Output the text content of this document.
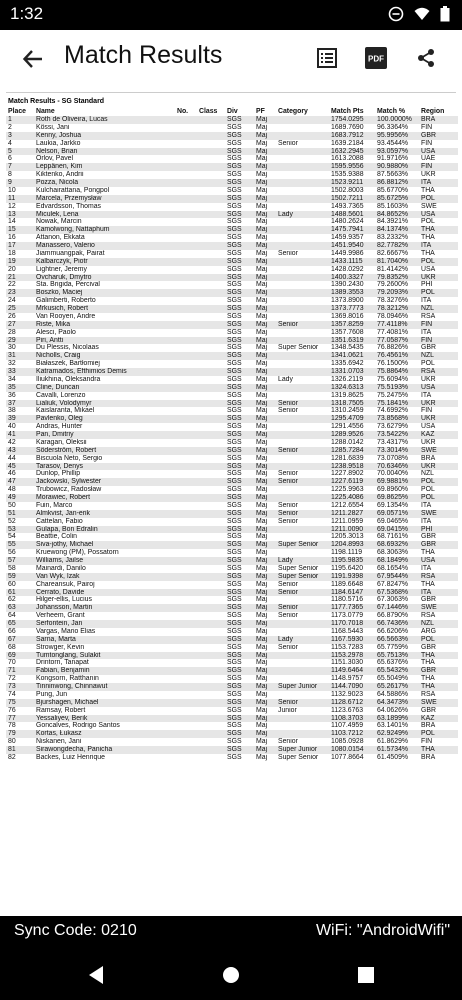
1:32
Match Results	PDF
Match Results - SG Standard
Place	Name	No.	Class	Div	PF	Category	Match Pts	Match %	Region
1	Roth de Oliveira, Lucas			SGS	Maj		1754.0295	100.0000%	BRA
2	Kössi, Jani			SGS	Maj		1689.7690	96.3364%	FIN
3	Kenny, Joshua			SGS	Maj		1683.7912	95.9956%	GBR
4	Laukia, Jarkko			SGS	Maj	Senior	1639.2184	93.4544%	FIN
5	Nelson, Brian			SGS	Maj		1632.2945	93.0597%	USA
6	Orlov, Pavel			SGS	Maj		1613.2088	91.9716%	UAE
7	Leppänen, Kim			SGS	Maj		1595.9556	90.9880%	FIN
8	Kiktenko, Andrii			SGS	Maj		1535.9388	87.5663%	UKR
9	Pozza, Nicola			SGS	Maj		1523.9211	86.8812%	ITA
10	Kulchairattana, Pongpol			SGS	Maj		1502.8003	85.6770%	THA
11	Marcela, Przemysław			SGS	Maj		1502.7211	85.6725%	POL
12	Edvardsson, Thomas			SGS	Maj		1493.7365	85.1603%	SWE
13	Miculek, Lena			SGS	Maj	Lady	1488.5601	84.8652%	USA
14	Nowak, Marcin			SGS	Maj		1480.2624	84.3921%	POL
15	Kamolwong, Nattaphum			SGS	Maj		1475.7941	84.1374%	THA
16	Attanon, Ekkata			SGS	Maj		1459.9357	83.2332%	THA
17	Manassero, Valerio			SGS	Maj		1451.9540	82.7782%	ITA
18	Jiammuangpak, Pairat			SGS	Maj	Senior	1449.9986	82.6667%	THA
19	Kalbarczyk, Piotr			SGS	Maj		1433.1115	81.7040%	POL
20	Lightner, Jeremy			SGS	Maj		1428.0292	81.4142%	USA
21	Ovcharuk, Dmytro			SGS	Maj		1400.3327	79.8352%	UKR
22	Sta. Brigida, Percival			SGS	Maj		1390.2430	79.2600%	PHI
23	Boszko, Maciej			SGS	Maj		1389.3553	79.2093%	POL
24	Galimberti, Roberto			SGS	Maj		1373.8900	78.3276%	ITA
25	Mrkusich, Robert			SGS	Maj		1373.7773	78.3212%	NZL
26	Van Rooyen, Andre			SGS	Maj		1369.8016	78.0946%	RSA
27	Riste, Mika			SGS	Maj	Senior	1357.8259	77.4118%	FIN
28	Alesci, Paolo			SGS	Maj		1357.7608	77.4081%	ITA
29	Piri, Antti			SGS	Maj		1351.6319	77.0587%	FIN
30	Du Plessis, Nicolaas			SGS	Maj	Super Senior	1348.5435	76.8826%	GBR
31	Nicholls, Craig			SGS	Maj		1341.0621	76.4561%	NZL
32	Białaszek, Bartłomiej			SGS	Maj		1335.6942	76.1500%	POL
33	Katramados, Efthimios Demis			SGS	Maj		1331.0703	75.8864%	RSA
34	Iliukhina, Oleksandra			SGS	Maj	Lady	1326.2119	75.6094%	UKR
35	Cline, Duncan			SGS	Maj		1324.6313	75.5193%	USA
36	Cavalli, Lorenzo			SGS	Maj		1319.8625	75.2475%	ITA
37	Lialiuk, Volodymyr			SGS	Maj	Senior	1318.7505	75.1841%	UKR
38	Kaislaranta, Mikael			SGS	Maj	Senior	1310.2459	74.6992%	FIN
39	Pavlenko, Oleg			SGS	Maj		1295.4709	73.8568%	UKR
40	Andras, Hunter			SGS	Maj		1291.4556	73.6279%	USA
41	Pan, Dmitriy			SGS	Maj		1289.9526	73.5422%	KAZ
42	Karagan, Oleksii			SGS	Maj		1288.0142	73.4317%	UKR
43	Söderström, Robert			SGS	Maj	Senior	1285.7284	73.3014%	SWE
44	Biscuola Neto, Sergio			SGS	Maj		1281.6839	73.0708%	BRA
45	Tarasov, Denys			SGS	Maj		1238.9518	70.6346%	UKR
46	Dunlop, Phillip			SGS	Maj	Senior	1227.8902	70.0040%	NZL
47	Jackowski, Sylwester			SGS	Maj	Senior	1227.6119	69.9881%	POL
48	Trubowicz, Radosław			SGS	Maj		1225.9963	69.8960%	POL
49	Morawiec, Robert			SGS	Maj		1225.4086	69.8625%	POL
50	Fuin, Marco			SGS	Maj	Senior	1212.6554	69.1354%	ITA
51	Almkvist, Jan-erik			SGS	Maj	Senior	1211.2827	69.0571%	SWE
52	Cattelan, Fabio			SGS	Maj	Senior	1211.0959	69.0465%	ITA
53	Gulapa, Bon Edralin			SGS	Maj		1211.0090	69.0415%	PHI
54	Beattie, Colin			SGS	Maj		1205.3013	68.7161%	GBR
55	Siva-jothy, Michael			SGS	Maj	Super Senior	1204.8993	68.6932%	GBR
56	Kruewong (PM), Possatorn			SGS	Maj		1198.1119	68.3063%	THA
57	Williams, Jailse			SGS	Maj	Lady	1195.9835	68.1849%	USA
58	Mainardi, Danilo			SGS	Maj	Super Senior	1195.6420	68.1654%	ITA
59	Van Wyk, Izak			SGS	Maj	Super Senior	1191.9398	67.9544%	RSA
60	Chareansuk, Pairoj			SGS	Maj	Senior	1189.6648	67.8247%	THA
61	Cerrato, Davide			SGS	Maj	Senior	1184.6147	67.5368%	ITA
62	Hilger-ellis, Lucius			SGS	Maj		1180.5716	67.3063%	GBR
63	Johansson, Martin			SGS	Maj	Senior	1177.7365	67.1446%	SWE
64	Verheem, Grant			SGS	Maj	Senior	1173.0779	66.8790%	RSA
65	Serfontein, Jan			SGS	Maj		1170.7018	66.7436%	NZL
66	Vargas, Mario Elias			SGS	Maj		1168.5443	66.6206%	ARG
67	Sarna, Marta			SGS	Maj	Lady	1167.5930	66.5663%	POL
68	Strowger, Kevin			SGS	Maj	Senior	1153.7283	65.7759%	GBR
69	Tumtonglang, Sulakit			SGS	Maj		1153.2978	65.7513%	THA
70	Drintorn, Tanapat			SGS	Maj		1151.3030	65.6376%	THA
71	Fabian, Benjamin			SGS	Maj		1149.6464	65.5432%	GBR
72	Kongsorn, Ratthanin			SGS	Maj		1148.9757	65.5049%	THA
73	Tinninwong, Chinnawut			SGS	Maj	Super Junior	1144.7090	65.2617%	THA
74	Pung, Jun			SGS	Maj		1132.9023	64.5886%	RSA
75	Bjurshagen, Michael			SGS	Maj	Senior	1128.6712	64.3473%	SWE
76	Ramsay, Robert			SGS	Maj	Junior	1123.6763	64.0626%	GBR
77	Yessaliyev, Berik			SGS	Maj		1108.3703	63.1899%	KAZ
78	Goncalves, Rodrigo Santos			SGS	Maj		1107.4959	63.1401%	BRA
79	Kortas, Łukasz			SGS	Maj		1103.7212	62.9249%	POL
80	Niskanen, Jani			SGS	Maj	Senior	1085.0928	61.8629%	FIN
81	Sirawongdecha, Panicha			SGS	Maj	Super Junior	1080.0154	61.5734%	THA
82	Backes, Luiz Henrique			SGS	Maj	Super Senior	1077.8664	61.4509%	BRA
Sync Code: 0210	WiFi: "AndroidWifi"
